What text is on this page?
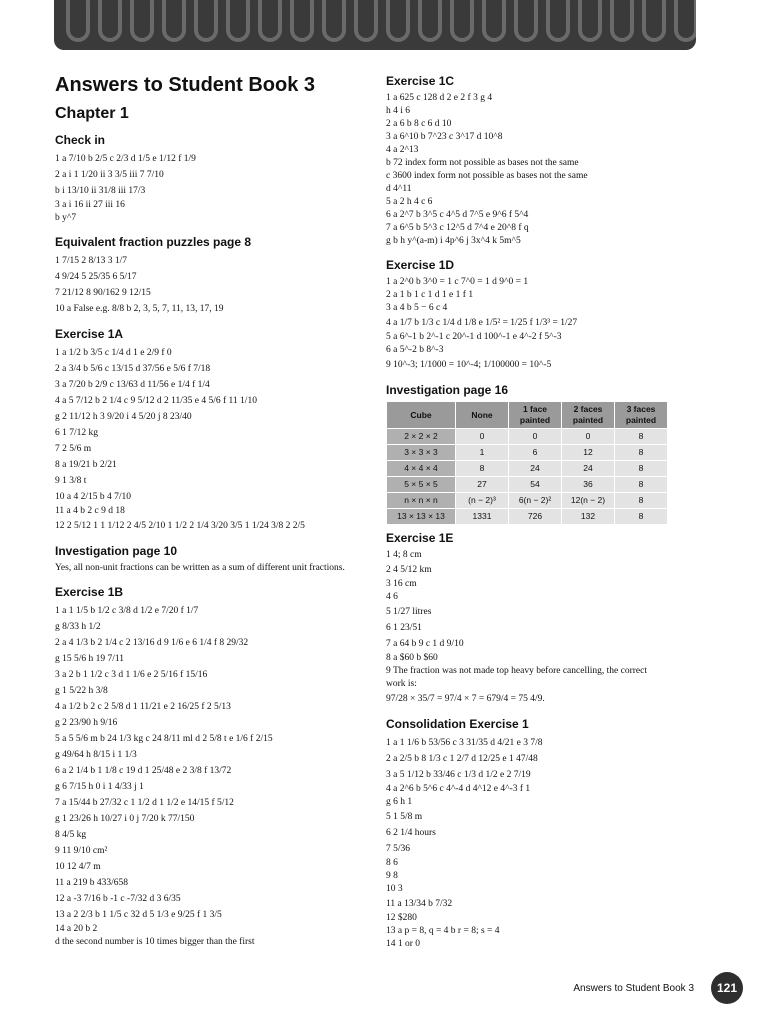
Answers to Student Book 3
Chapter 1
Check in
1 a 7/10 b 2/5 c 2/3 d 1/5 e 1/12 f 1/9
2 a i 1 1/20 ii 3 3/5 iii 7 7/10
b i 13/10 ii 31/8 iii 17/3
3 a i 16 ii 27 iii 16
b y^7
Equivalent fraction puzzles page 8
1 7/15 2 8/13 3 1/7
4 9/24 5 25/35 6 5/17
7 21/12 8 90/162 9 12/15
10 a False e.g. 8/8 b 2, 3, 5, 7, 11, 13, 17, 19
Exercise 1A
1 a 1/2 b 3/5 c 1/4 d 1 e 2/9 f 0
2 a 3/4 b 5/6 c 13/15 d 37/56 e 5/6 f 7/18
3 a 7/20 b 2/9 c 13/63 d 11/56 e 1/4 f 1/4
4 a 5 7/12 b 2 1/4 c 9 5/12 d 2 11/35 e 4 5/6 f 11 1/10
g 2 11/12 h 3 9/20 i 4 5/20 j 8 23/40
6 1 7/12 kg
7 2 5/6 m
8 a 19/21 b 2/21
9 1 3/8 t
10 a 4 2/15 b 4 7/10
11 a 4 b 2 c 9 d 18
12 2 5/12 1 1 1/12 2 4/5 2/10 1 1/2 2 1/4 3/20 3/5 1 1/24 3/8 2 2/5
Investigation page 10
Yes, all non-unit fractions can be written as a sum of different unit fractions.
Exercise 1B
1 a 1 1/5 b 1/2 c 3/8 d 1/2 e 7/20 f 1/7
g 8/33 h 1/2
2 a 4 1/3 b 2 1/4 c 2 13/16 d 9 1/6 e 6 1/4 f 8 29/32
g 15 5/6 h 19 7/11
3 a 2 b 1 1/2 c 3 d 1 1/6 e 2 5/16 f 15/16
g 1 5/22 h 3/8
4 a 1/2 b 2 c 2 5/8 d 1 11/21 e 2 16/25 f 2 5/13
g 2 23/90 h 9/16
5 a 5 5/6 m b 24 1/3 kg c 24 8/11 ml d 2 5/8 t e 1/6 f 2/15
g 49/64 h 8/15 i 1 1/3
6 a 2 1/4 b 1 1/8 c 19 d 1 25/48 e 2 3/8 f 13/72
g 6 7/15 h 0 i 1 4/33 j 1
7 a 15/44 b 27/32 c 1 1/2 d 1 1/2 e 14/15 f 5/12
g 1 23/26 h 10/27 i 0 j 7/20 k 77/150
8 4/5 kg
9 11 9/10 cm²
10 12 4/7 m
11 a 219 b 433/658
12 a -3 7/16 b -1 c -7/32 d 3 6/35
13 a 2 2/3 b 1 1/5 c 32 d 5 1/3 e 9/25 f 1 3/5
14 a 20 b 2
d the second number is 10 times bigger than the first
Exercise 1C
1 a 625 c 128 d 2 e 2 f 3 g 4
h 4 i 6
2 a 6 b 8 c 6 d 10
3 a 6^10 b 7^23 c 3^17 d 10^8
4 a 2^13
b 72 index form not possible as bases not the same
c 3600 index form not possible as bases not the same
d 4^11
5 a 2 h 4 c 6
6 a 2^7 b 3^5 c 4^5 d 7^5 e 9^6 f 5^4
7 a 6^5 b 5^3 c 12^5 d 7^4 e 20^8 f q
g b h y^(a-m) i 4p^6 j 3x^4 k 5m^5
Exercise 1D
1 a 2^0 b 3^0 = 1 c 7^0 = 1 d 9^0 = 1
2 a 1 b 1 c 1 d 1 e 1 f 1
3 a 4 b 5 − 6 c 4
4 a 1/7 b 1/3 c 1/4 d 1/8 e 1/5² = 1/25 f 1/3³ = 1/27
5 a 6^-1 b 2^-1 c 20^-1 d 100^-1 e 4^-2 f 5^-3
6 a 5^-2 b 8^-3
9 10^-3; 1/1000 = 10^-4; 1/100000 = 10^-5
Investigation page 16
Cube	None	1 face painted	2 faces painted	3 faces painted
2 × 2 × 2	0	0	0	8
3 × 3 × 3	1	6	12	8
4 × 4 × 4	8	24	24	8
5 × 5 × 5	27	54	36	8
n × n × n	(n − 2)³	6(n − 2)²	12(n − 2)	8
13 × 13 × 13	1331	726	132	8
Exercise 1E
1 4; 8 cm
2 4 5/12 km
3 16 cm
4 6
5 1/27 litres
6 1 23/51
7 a 64 b 9 c 1 d 9/10
8 a $60 b $60
9 The fraction was not made top heavy before cancelling, the correct
work is:
97/28 × 35/7 = 97/4 × 7 = 679/4 = 75 4/9.
Consolidation Exercise 1
1 a 1 1/6 b 53/56 c 3 31/35 d 4/21 e 3 7/8
2 a 2/5 b 8 1/3 c 1 2/7 d 12/25 e 1 47/48
3 a 5 1/12 b 33/46 c 1/3 d 1/2 e 2 7/19
4 a 2^6 b 5^6 c 4^-4 d 4^12 e 4^-3 f 1
g 6 h 1
5 1 5/8 m
6 2 1/4 hours
7 5/36
8 6
9 8
10 3
11 a 13/34 b 7/32
12 $280
13 a p = 8, q = 4 b r = 8; s = 4
14 1 or 0
Answers to Student Book 3	121
